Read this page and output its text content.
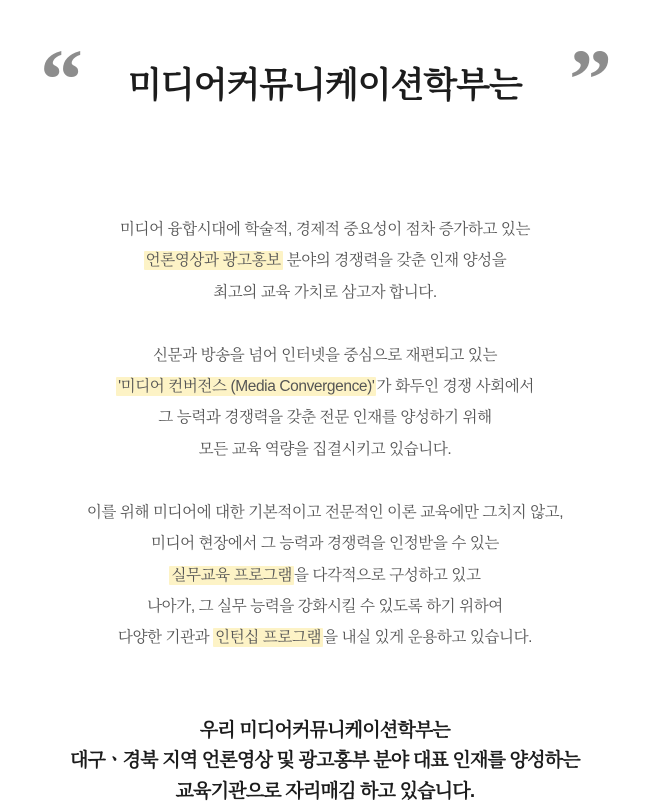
“ 미디어커뮤니케이션학부는 ”

미디어 융합시대에 학술적, 경제적 중요성이 점차 증가하고 있는
언론영상과 광고홍보 분야의 경쟁력을 갖춘 인재 양성을
최고의 교육 가치로 삼고자 합니다.

신문과 방송을 넘어 인터넷을 중심으로 재편되고 있는
'미디어 컨버전스 (Media Convergence)' 가 화두인 경쟁 사회에서
그 능력과 경쟁력을 갖춘 전문 인재를 양성하기 위해
모든 교육 역량을 집결시키고 있습니다.

이를 위해 미디어에 대한 기본적이고 전문적인 이론 교육에만 그치지 않고,
미디어 현장에서 그 능력과 경쟁력을 인정받을 수 있는
실무교육 프로그램 을 다각적으로 구성하고 있고
나아가, 그 실무 능력을 강화시킬 수 있도록 하기 위하여
다양한 기관과 인턴십 프로그램 을 내실 있게 운용하고 있습니다.

우리 미디어커뮤니케이션학부는
대구ㆍ경북 지역 언론영상 및 광고홍부 분야 대표 인재를 양성하는
교육기관으로 자리매김 하고 있습니다.
